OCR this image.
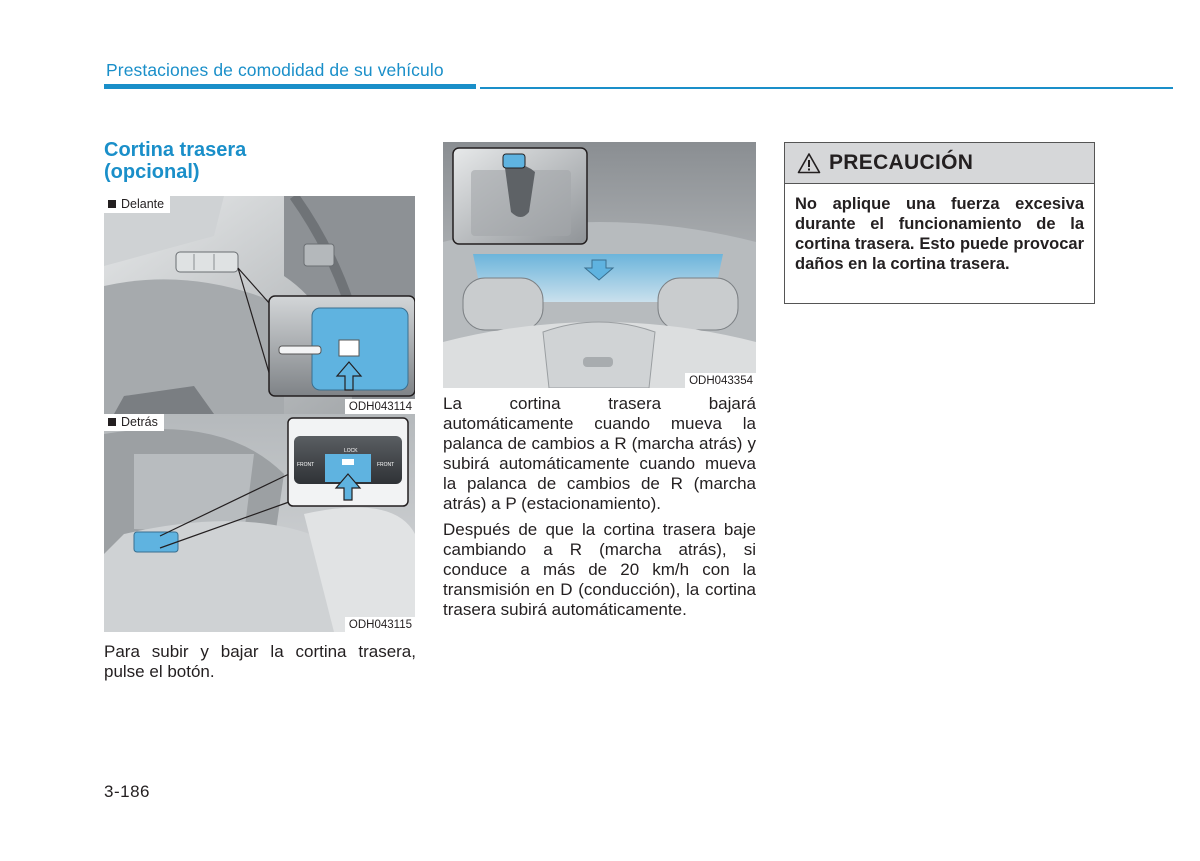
Prestaciones de comodidad de su vehículo
Cortina trasera
(opcional)
Delante
ODH043114
LOCK
FRONT	FRONT
Detrás
ODH043115

Para subir y bajar la cortina trasera, pulse el botón.

ODH043354

La cortina trasera bajará automáticamente cuando mueva la palanca de cambios a R (marcha atrás) y subirá automáticamente cuando mueva la palanca de cambios de R (marcha atrás) a P (estacionamiento).

Después de que la cortina trasera baje cambiando a R (marcha atrás), si conduce a más de 20 km/h con la transmisión en D (conducción), la cortina trasera subirá automáticamente.

PRECAUCIÓN
No aplique una fuerza excesiva durante el funcionamiento de la cortina trasera. Esto puede provocar daños en la cortina trasera.
3-186
